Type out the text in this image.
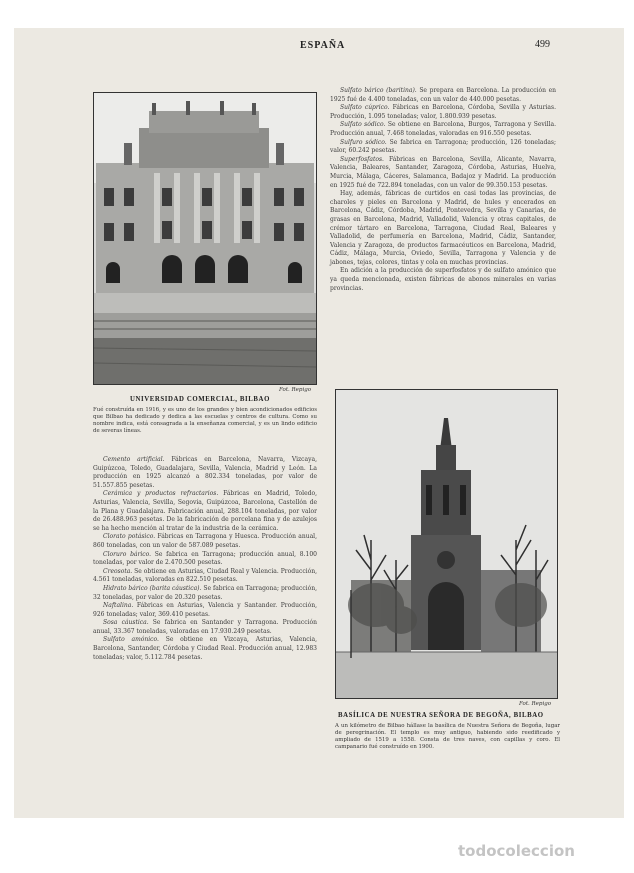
ESPAÑA	499
Fot. Repigo
UNIVERSIDAD COMERCIAL, BILBAO
Fué construída en 1916, y es uno de los grandes y bien acondicionados edificios que Bilbao ha dedicado y dedica a las escuelas y centros de cultura. Como su nombre indica, está consagrada a la enseñanza comercial, y es un lindo edificio de severas líneas.

Cemento artificial. Fábricas en Barcelona, Navarra, Vizcaya, Guipúzcoa, Toledo, Guadalajara, Sevilla, Valencia, Madrid y León. La producción en 1925 alcanzó a 802.334 toneladas, por valor de 51.557.855 pesetas.

Cerámica y productos refractarios. Fábricas en Madrid, Toledo, Asturias, Valencia, Sevilla, Segovia, Guipúzcoa, Barcelona, Castellón de la Plana y Guadalajara. Fabricación anual, 288.104 toneladas, por valor de 26.488.963 pesetas. De la fabricación de porcelana fina y de azulejos se ha hecho mención al tratar de la industria de la cerámica.

Clorato potásico. Fábricas en Tarragona y Huesca. Producción anual, 860 toneladas, con un valor de 587.089 pesetas.

Cloruro bárico. Se fabrica en Tarragona; producción anual, 8.100 toneladas, por valor de 2.470.500 pesetas.

Creosota. Se obtiene en Asturias, Ciudad Real y Valencia. Producción, 4.561 toneladas, valoradas en 822.510 pesetas.

Hidrato bárico (barita cáustica). Se fabrica en Tarragona; producción, 32 toneladas, por valor de 20.320 pesetas.

Naftalina. Fábricas en Asturias, Valencia y Santander. Producción, 926 toneladas; valor, 369.410 pesetas.

Sosa cáustica. Se fabrica en Santander y Tarragona. Producción anual, 33.367 toneladas, valoradas en 17.930.249 pesetas.

Sulfato amónico. Se obtiene en Vizcaya, Asturias, Valencia, Barcelona, Santander, Córdoba y Ciudad Real. Producción anual, 12.983 toneladas; valor, 5.112.784 pesetas.

Sulfato bárico (baritina). Se prepara en Barcelona. La producción en 1925 fué de 4.400 toneladas, con un valor de 440.000 pesetas.

Sulfato cúprico. Fábricas en Barcelona, Córdoba, Sevilla y Asturias. Producción, 1.095 toneladas; valor, 1.800.939 pesetas.

Sulfato sódico. Se obtiene en Barcelona, Burgos, Tarragona y Sevilla. Producción anual, 7.468 toneladas, valoradas en 916.550 pesetas.

Sulfuro sódico. Se fabrica en Tarragona; producción, 126 toneladas; valor, 60.242 pesetas.

Superfosfatos. Fábricas en Barcelona, Sevilla, Alicante, Navarra, Valencia, Baleares, Santander, Zaragoza, Córdoba, Asturias, Huelva, Murcia, Málaga, Cáceres, Salamanca, Badajoz y Madrid. La producción en 1925 fué de 722.894 toneladas, con un valor de 99.350.153 pesetas.

Hay, además, fábricas de curtidos en casi todas las provincias, de charoles y pieles en Barcelona y Madrid, de hules y encerados en Barcelona, Cádiz, Córdoba, Madrid, Pontevedra, Sevilla y Canarias, de grasas en Barcelona, Madrid, Valladolid, Valencia y otras capitales, de crémor tártaro en Barcelona, Tarragona, Ciudad Real, Baleares y Valladolid, de perfumería en Barcelona, Madrid, Cádiz, Santander, Valencia y Zaragoza, de productos farmacéuticos en Barcelona, Madrid, Cádiz, Málaga, Murcia, Oviedo, Sevilla, Tarragona y Valencia y de jabones, tejas, colores, tintas y cola en muchas provincias.

En adición a la producción de superfosfatos y de sulfato amónico que ya queda mencionada, existen fábricas de abonos minerales en varias provincias.

Fot. Repigo
BASÍLICA DE NUESTRA SEÑORA DE BEGOÑA, BILBAO
A un kilómetro de Bilbao hállase la basílica de Nuestra Señora de Begoña, lugar de peregrinación. El templo es muy antiguo, habiendo sido reedificado y ampliado de 1519 a 1558. Consta de tres naves, con capillas y coro. El campanario fué construído en 1900.
todocoleccion
